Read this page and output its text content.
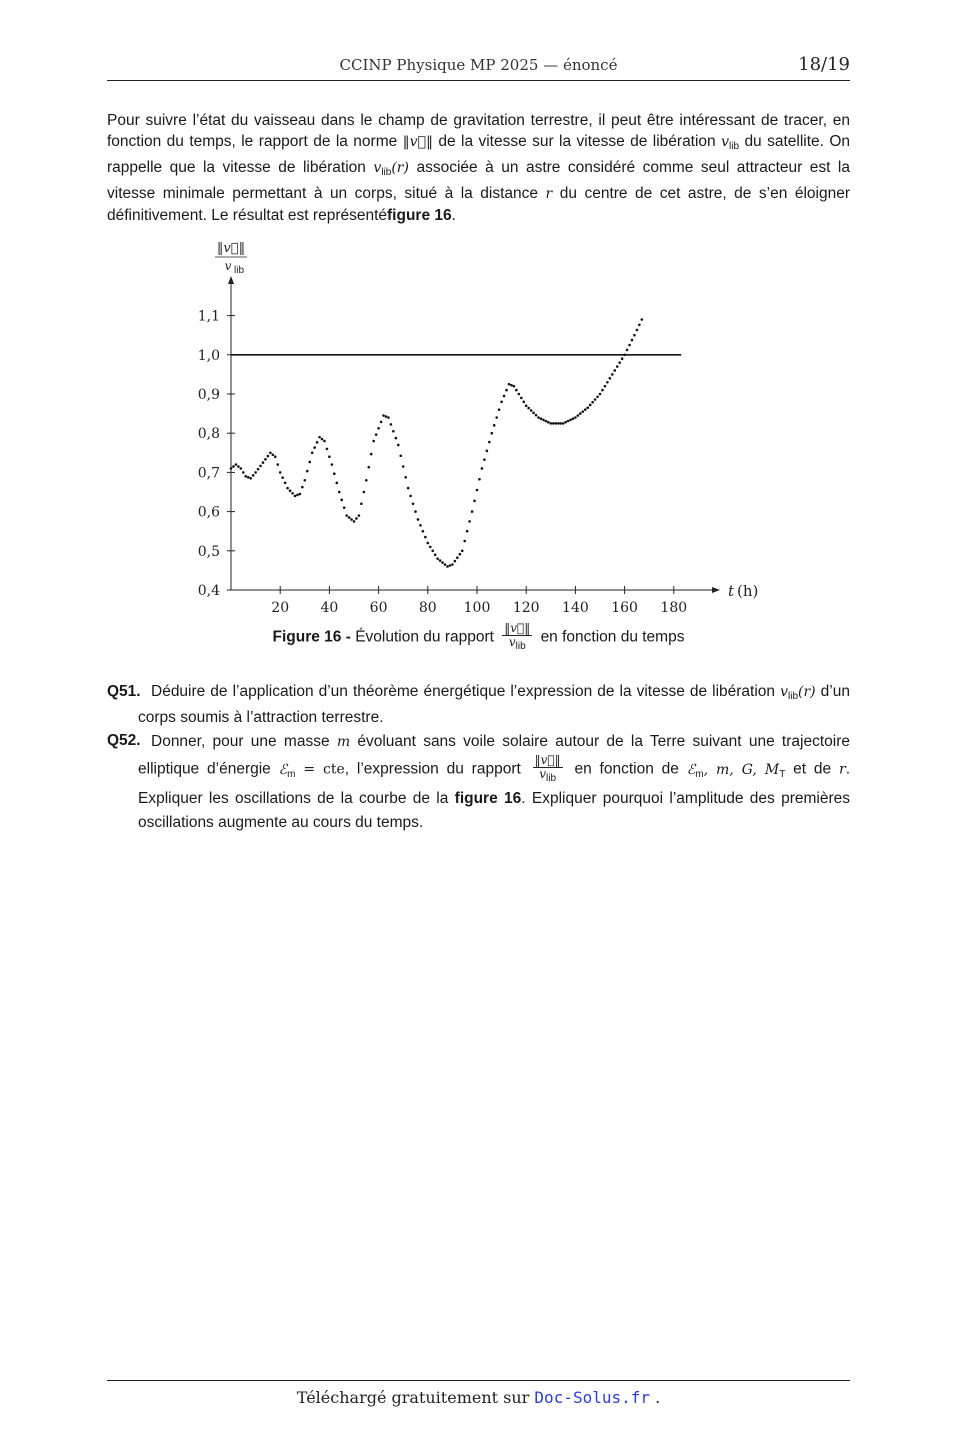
CCINP Physique MP 2025 — énoncé	18/19
Pour suivre l’état du vaisseau dans le champ de gravitation terrestre, il peut être intéressant de tracer, en fonction du temps, le rapport de la norme ‖v⃗‖ de la vitesse sur la vitesse de libération $v_{lib}$ du satellite. On rappelle que la vitesse de libération $v_{lib}(r)$ associée à un astre considéré comme seul attracteur est la vitesse minimale permettant à un corps, situé à la distance r du centre de cet astre, de s’en éloigner définitivement. Le résultat est représentéfigure 16.
20 40 60 80 100 120 140 160 180
0,4
0,5
0,6
0,7
0,8
0,9
1,0
1,1
‖v⃗‖
v lib
t (h)
Figure 16 - Évolution du rapport $\frac{‖v⃗‖}{v_{lib}}$ en fonction du temps
Q51. Déduire de l’application d’un théorème énergétique l’expression de la vitesse de libération $v_{lib}(r)$ d’un corps soumis à l’attraction terrestre.
Q52. Donner, pour une masse m évoluant sans voile solaire autour de la Terre suivant une trajectoire elliptique d’énergie ℰ$_m$ = cte, l’expression du rapport $\frac{‖v⃗‖}{v_{lib}}$ en fonction de ℰ$_m$, m, G, $M_T$ et de r. Expliquer les oscillations de la courbe de la figure 16. Expliquer pourquoi l’amplitude des premières oscillations augmente au cours du temps.
Téléchargé gratuitement sur Doc-Solus.fr .
